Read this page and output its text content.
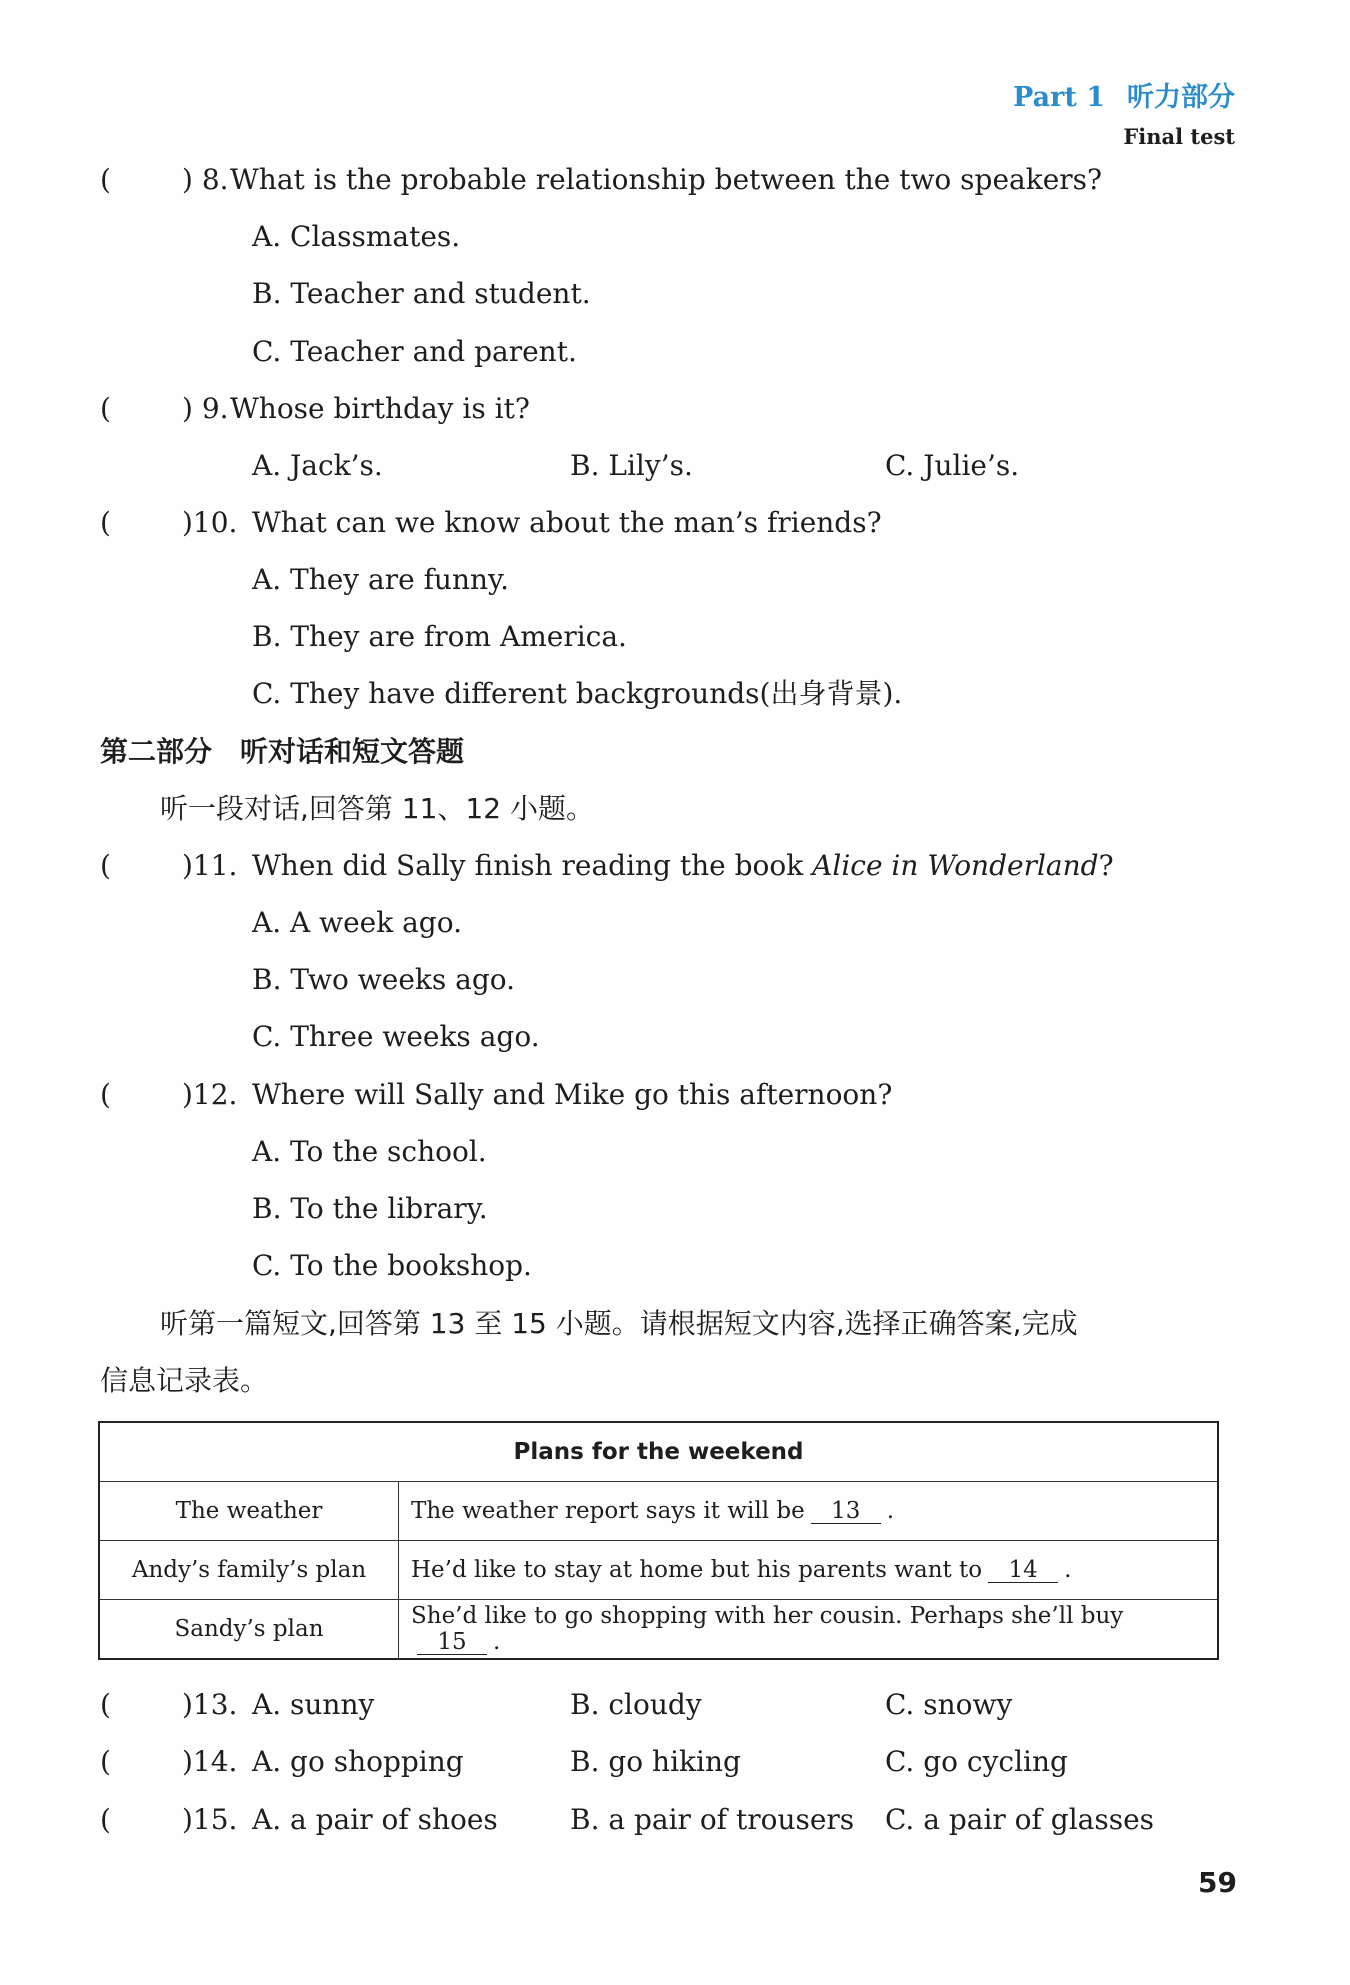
Part 1 听力部分
Final test
(	) 8. What is the probable relationship between the two speakers?
A. Classmates.
B. Teacher and student.
C. Teacher and parent.
(	) 9. Whose birthday is it?
A. Jack’s.	B. Lily’s.	C. Julie’s.
(	)10. What can we know about the man’s friends?
A. They are funny.
B. They are from America.
C. They have different backgrounds(出身背景).
第二部分　听对话和短文答题
听一段对话,回答第 11、12 小题。
(	)11. When did Sally finish reading the book Alice in Wonderland?
A. A week ago.
B. Two weeks ago.
C. Three weeks ago.
(	)12. Where will Sally and Mike go this afternoon?
A. To the school.
B. To the library.
C. To the bookshop.
听第一篇短文,回答第 13 至 15 小题。请根据短文内容,选择正确答案,完成
信息记录表。
Plans for the weekend	
The weather	The weather report says it will be 13 .
Andy’s family’s plan	He’d like to stay at home but his parents want to 14 .
Sandy’s plan	She’d like to go shopping with her cousin. Perhaps she’ll buy15 .
(	)13. A. sunny	B. cloudy	C. snowy
(	)14. A. go shopping	B. go hiking	C. go cycling
(	)15. A. a pair of shoes	B. a pair of trousers C. a pair of glasses
59
